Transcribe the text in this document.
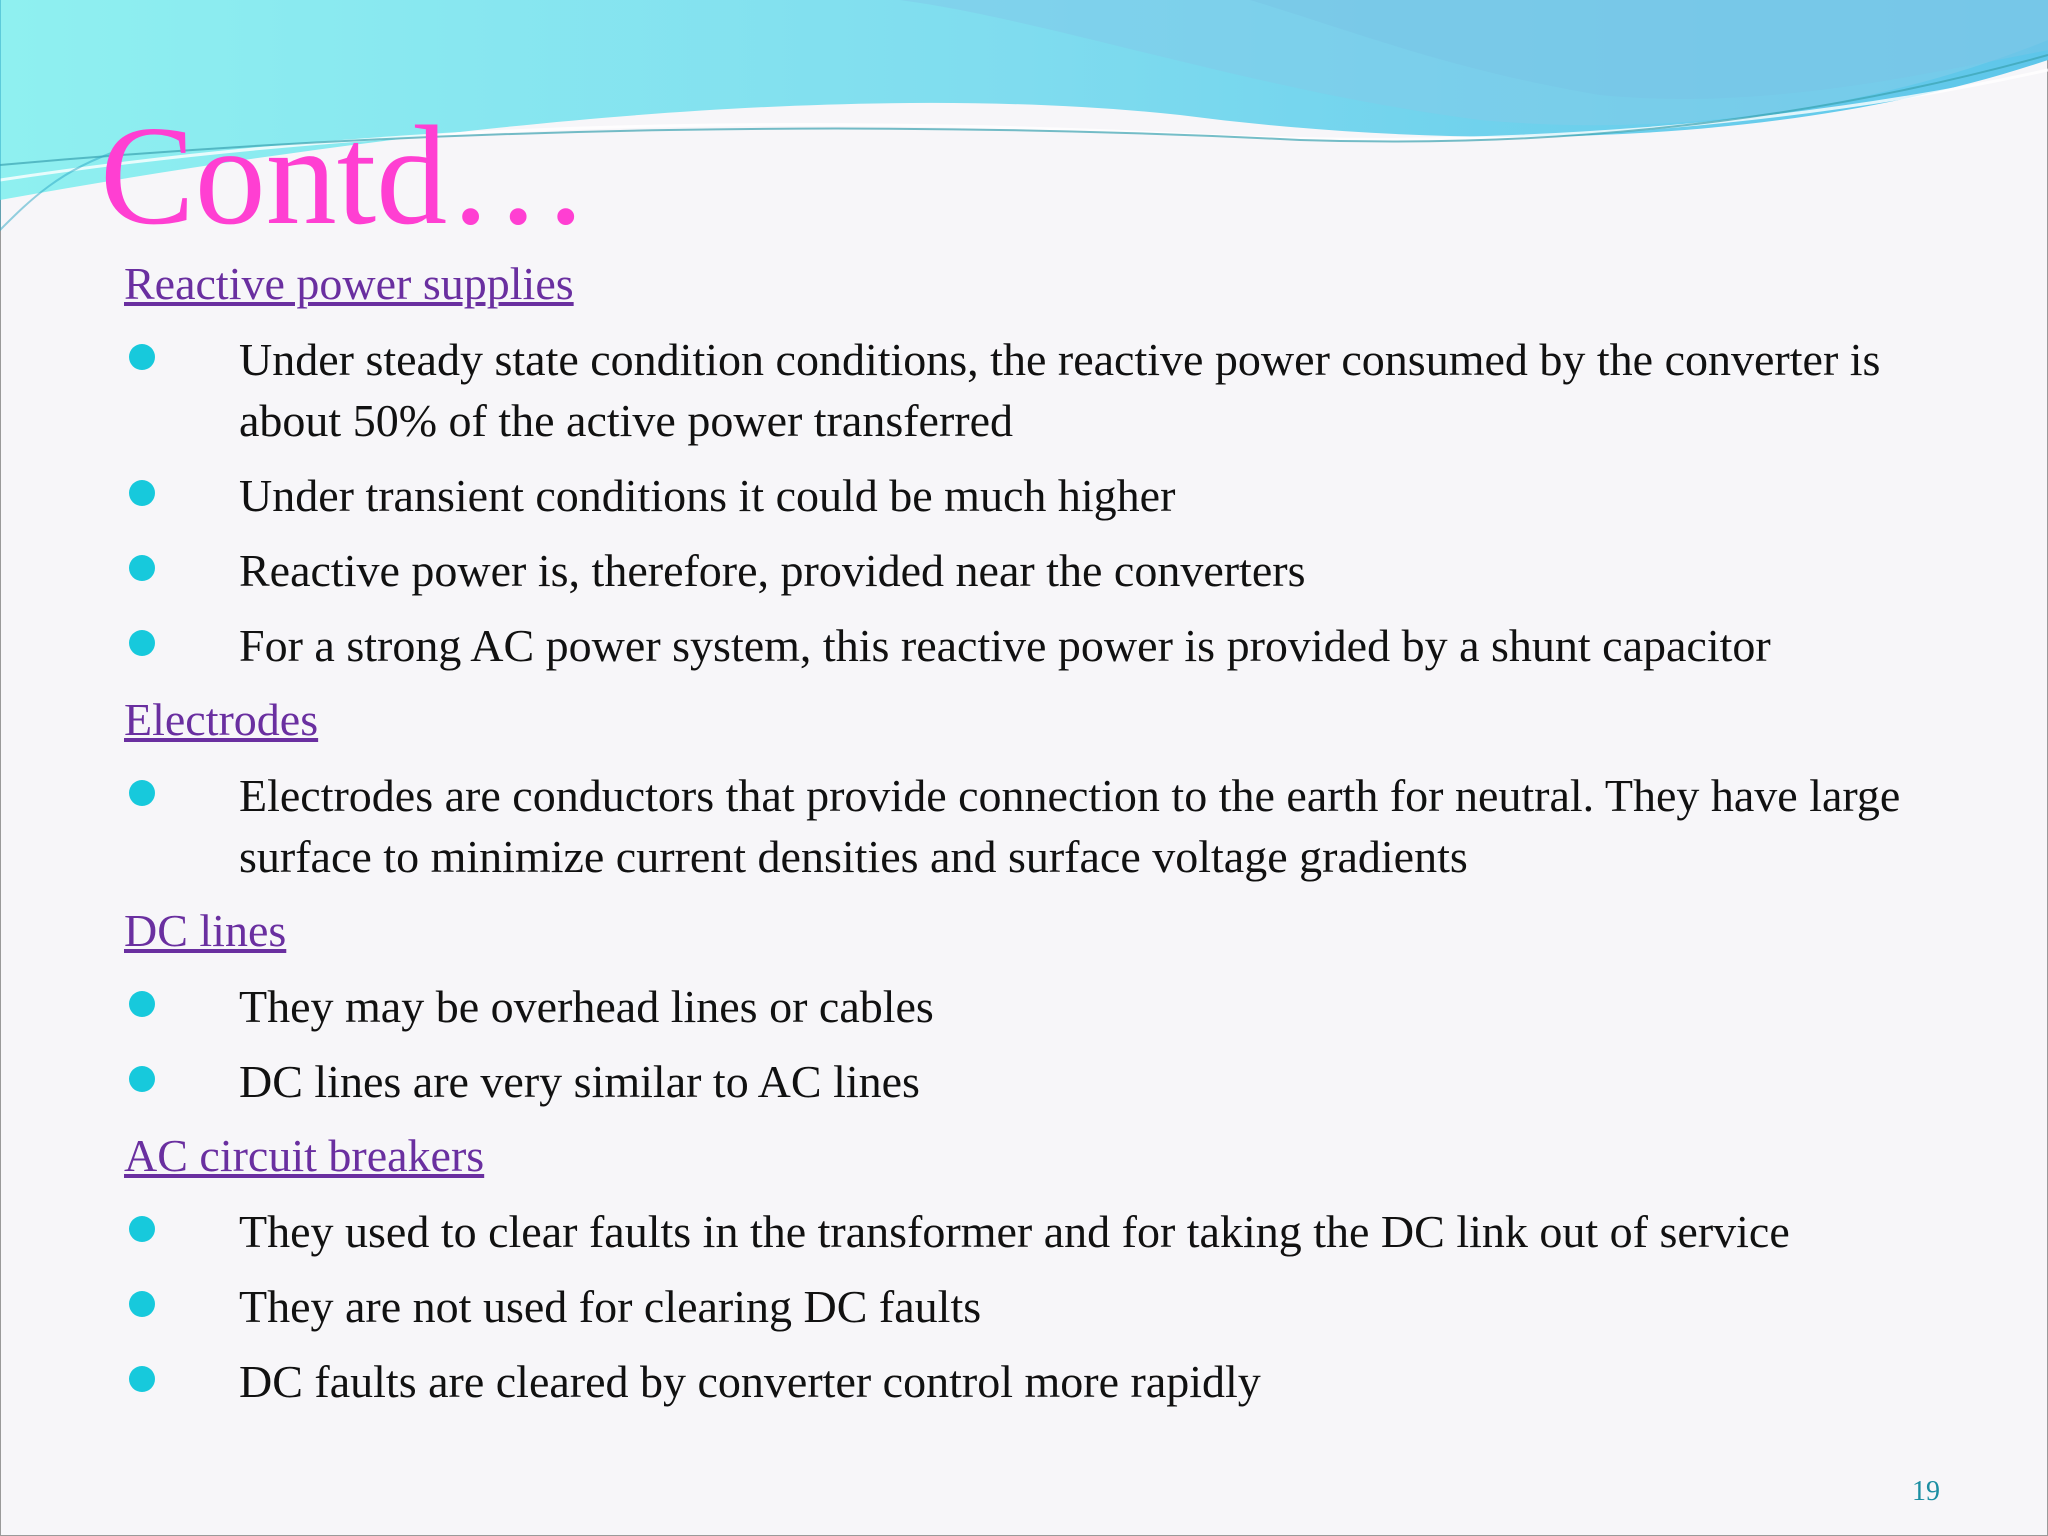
Contd…
Reactive power supplies
Under steady state condition conditions, the reactive power consumed by the converter is about 50% of the active power transferred
Under transient conditions it could be much higher
Reactive power is, therefore, provided near the converters
For a strong AC power system, this reactive power is provided by a shunt capacitor
Electrodes
Electrodes are conductors that provide connection to the earth for neutral. They have large surface to minimize current densities and surface voltage gradients
DC lines
They may be overhead lines or cables
DC lines are very similar to AC lines
AC circuit breakers
They used to clear faults in the transformer and for taking the DC link out of service
They are not used for clearing DC faults
DC faults are cleared by converter control more rapidly
19
